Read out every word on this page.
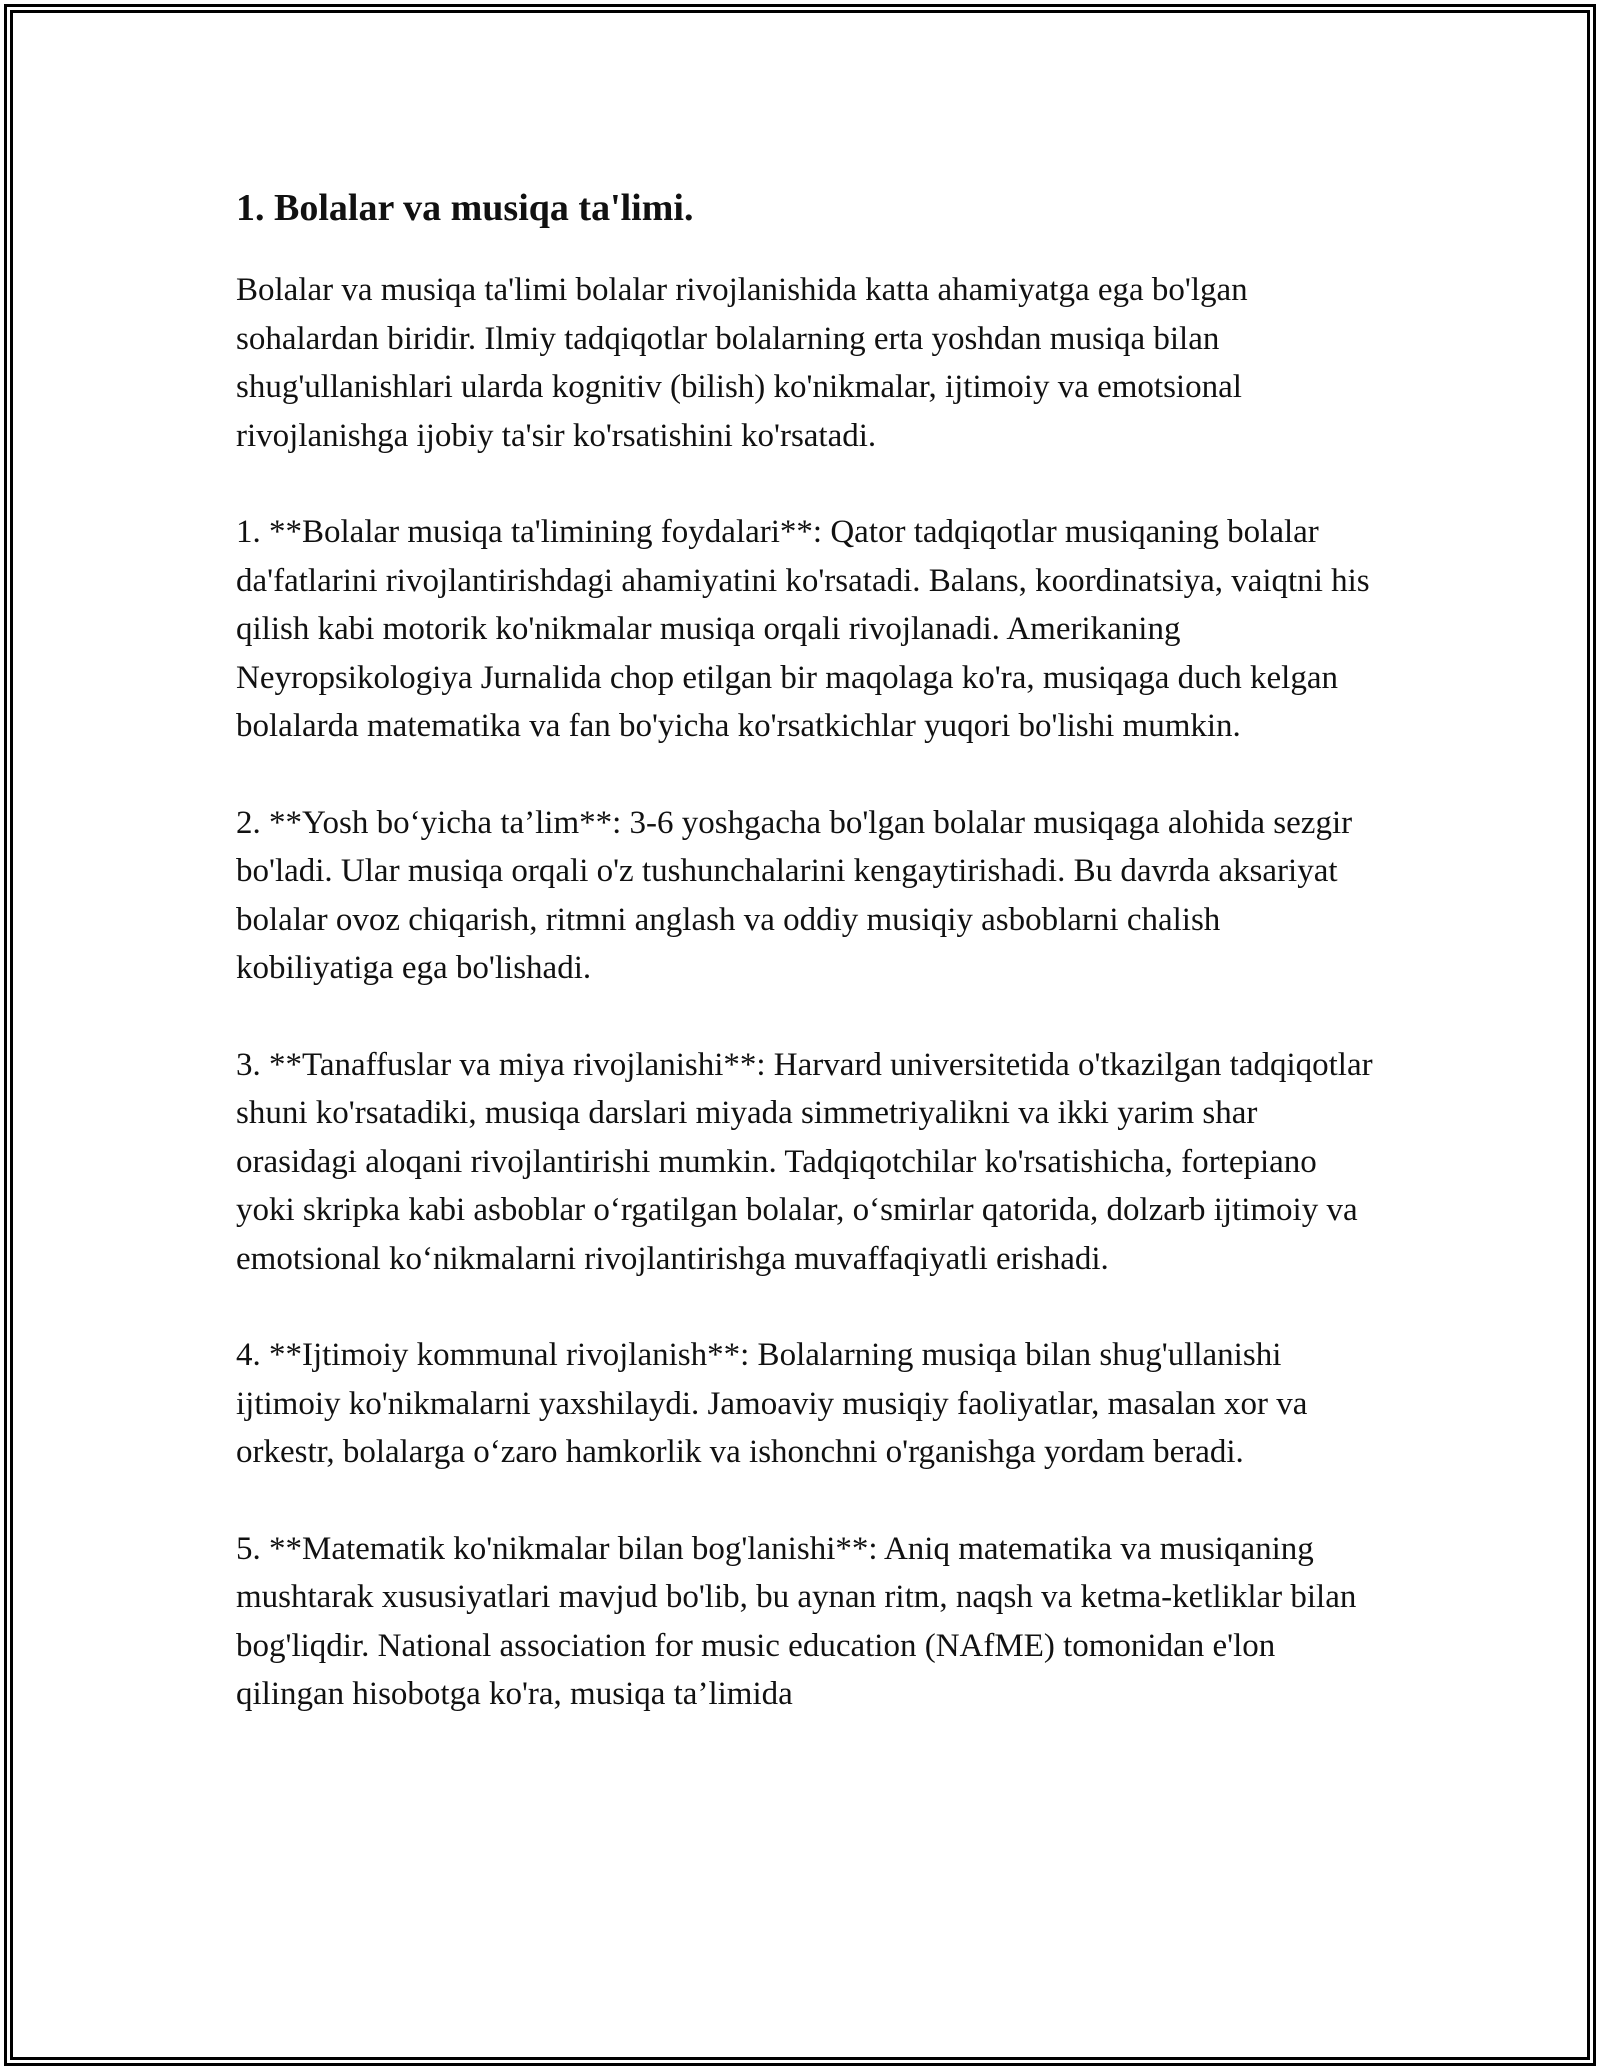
1. Bolalar va musiqa ta'limi.

Bolalar va musiqa ta'limi bolalar rivojlanishida katta ahamiyatga ega bo'lgan sohalardan biridir. Ilmiy tadqiqotlar bolalarning erta yoshdan musiqa bilan shug'ullanishlari ularda kognitiv (bilish) ko'nikmalar, ijtimoiy va emotsional rivojlanishga ijobiy ta'sir ko'rsatishini ko'rsatadi.

1. **Bolalar musiqa ta'limining foydalari**: Qator tadqiqotlar musiqaning bolalar da'fatlarini rivojlantirishdagi ahamiyatini ko'rsatadi. Balans, koordinatsiya, vaiqtni his qilish kabi motorik ko'nikmalar musiqa orqali rivojlanadi. Amerikaning Neyropsikologiya Jurnalida chop etilgan bir maqolaga ko'ra, musiqaga duch kelgan bolalarda matematika va fan bo'yicha ko'rsatkichlar yuqori bo'lishi mumkin.

2. **Yosh bo‘yicha ta’lim**: 3-6 yoshgacha bo'lgan bolalar musiqaga alohida sezgir bo'ladi. Ular musiqa orqali o'z tushunchalarini kengaytirishadi. Bu davrda aksariyat bolalar ovoz chiqarish, ritmni anglash va oddiy musiqiy asboblarni chalish kobiliyatiga ega bo'lishadi.

3. **Tanaffuslar va miya rivojlanishi**: Harvard universitetida o'tkazilgan tadqiqotlar shuni ko'rsatadiki, musiqa darslari miyada simmetriyalikni va ikki yarim shar orasidagi aloqani rivojlantirishi mumkin. Tadqiqotchilar ko'rsatishicha, fortepiano yoki skripka kabi asboblar o‘rgatilgan bolalar, o‘smirlar qatorida, dolzarb ijtimoiy va emotsional ko‘nikmalarni rivojlantirishga muvaffaqiyatli erishadi.

4. **Ijtimoiy kommunal rivojlanish**: Bolalarning musiqa bilan shug'ullanishi ijtimoiy ko'nikmalarni yaxshilaydi. Jamoaviy musiqiy faoliyatlar, masalan xor va orkestr, bolalarga o‘zaro hamkorlik va ishonchni o'rganishga yordam beradi.

5. **Matematik ko'nikmalar bilan bog'lanishi**: Aniq matematika va musiqaning mushtarak xususiyatlari mavjud bo'lib, bu aynan ritm, naqsh va ketma-ketliklar bilan bog'liqdir. National association for music education (NAfME) tomonidan e'lon qilingan hisobotga ko'ra, musiqa ta’limida
